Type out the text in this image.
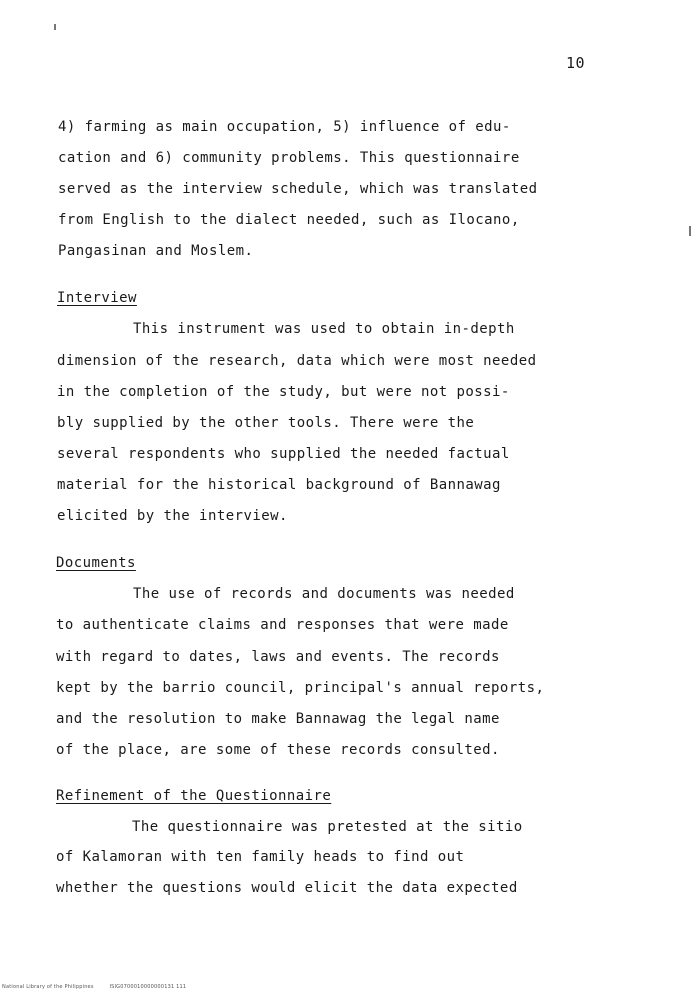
10
4) farming as main occupation, 5) influence of edu-
cation and 6) community problems. This questionnaire
served as the interview schedule, which was translated
from English to the dialect needed, such as Ilocano,
Pangasinan and Moslem.
Interview
This instrument was used to obtain in-depth
dimension of the research, data which were most needed
in the completion of the study, but were not possi-
bly supplied by the other tools. There were the
several respondents who supplied the needed factual
material for the historical background of Bannawag
elicited by the interview.
Documents
The use of records and documents was needed
to authenticate claims and responses that were made
with regard to dates, laws and events. The records
kept by the barrio council, principal's annual reports,
and the resolution to make Bannawag the legal name
of the place, are some of these records consulted.
Refinement of the Questionnaire
The questionnaire was pretested at the sitio
of Kalamoran with ten family heads to find out
whether the questions would elicit the data expected
National Library of the Philippines	ISIG0700010000000131 111
